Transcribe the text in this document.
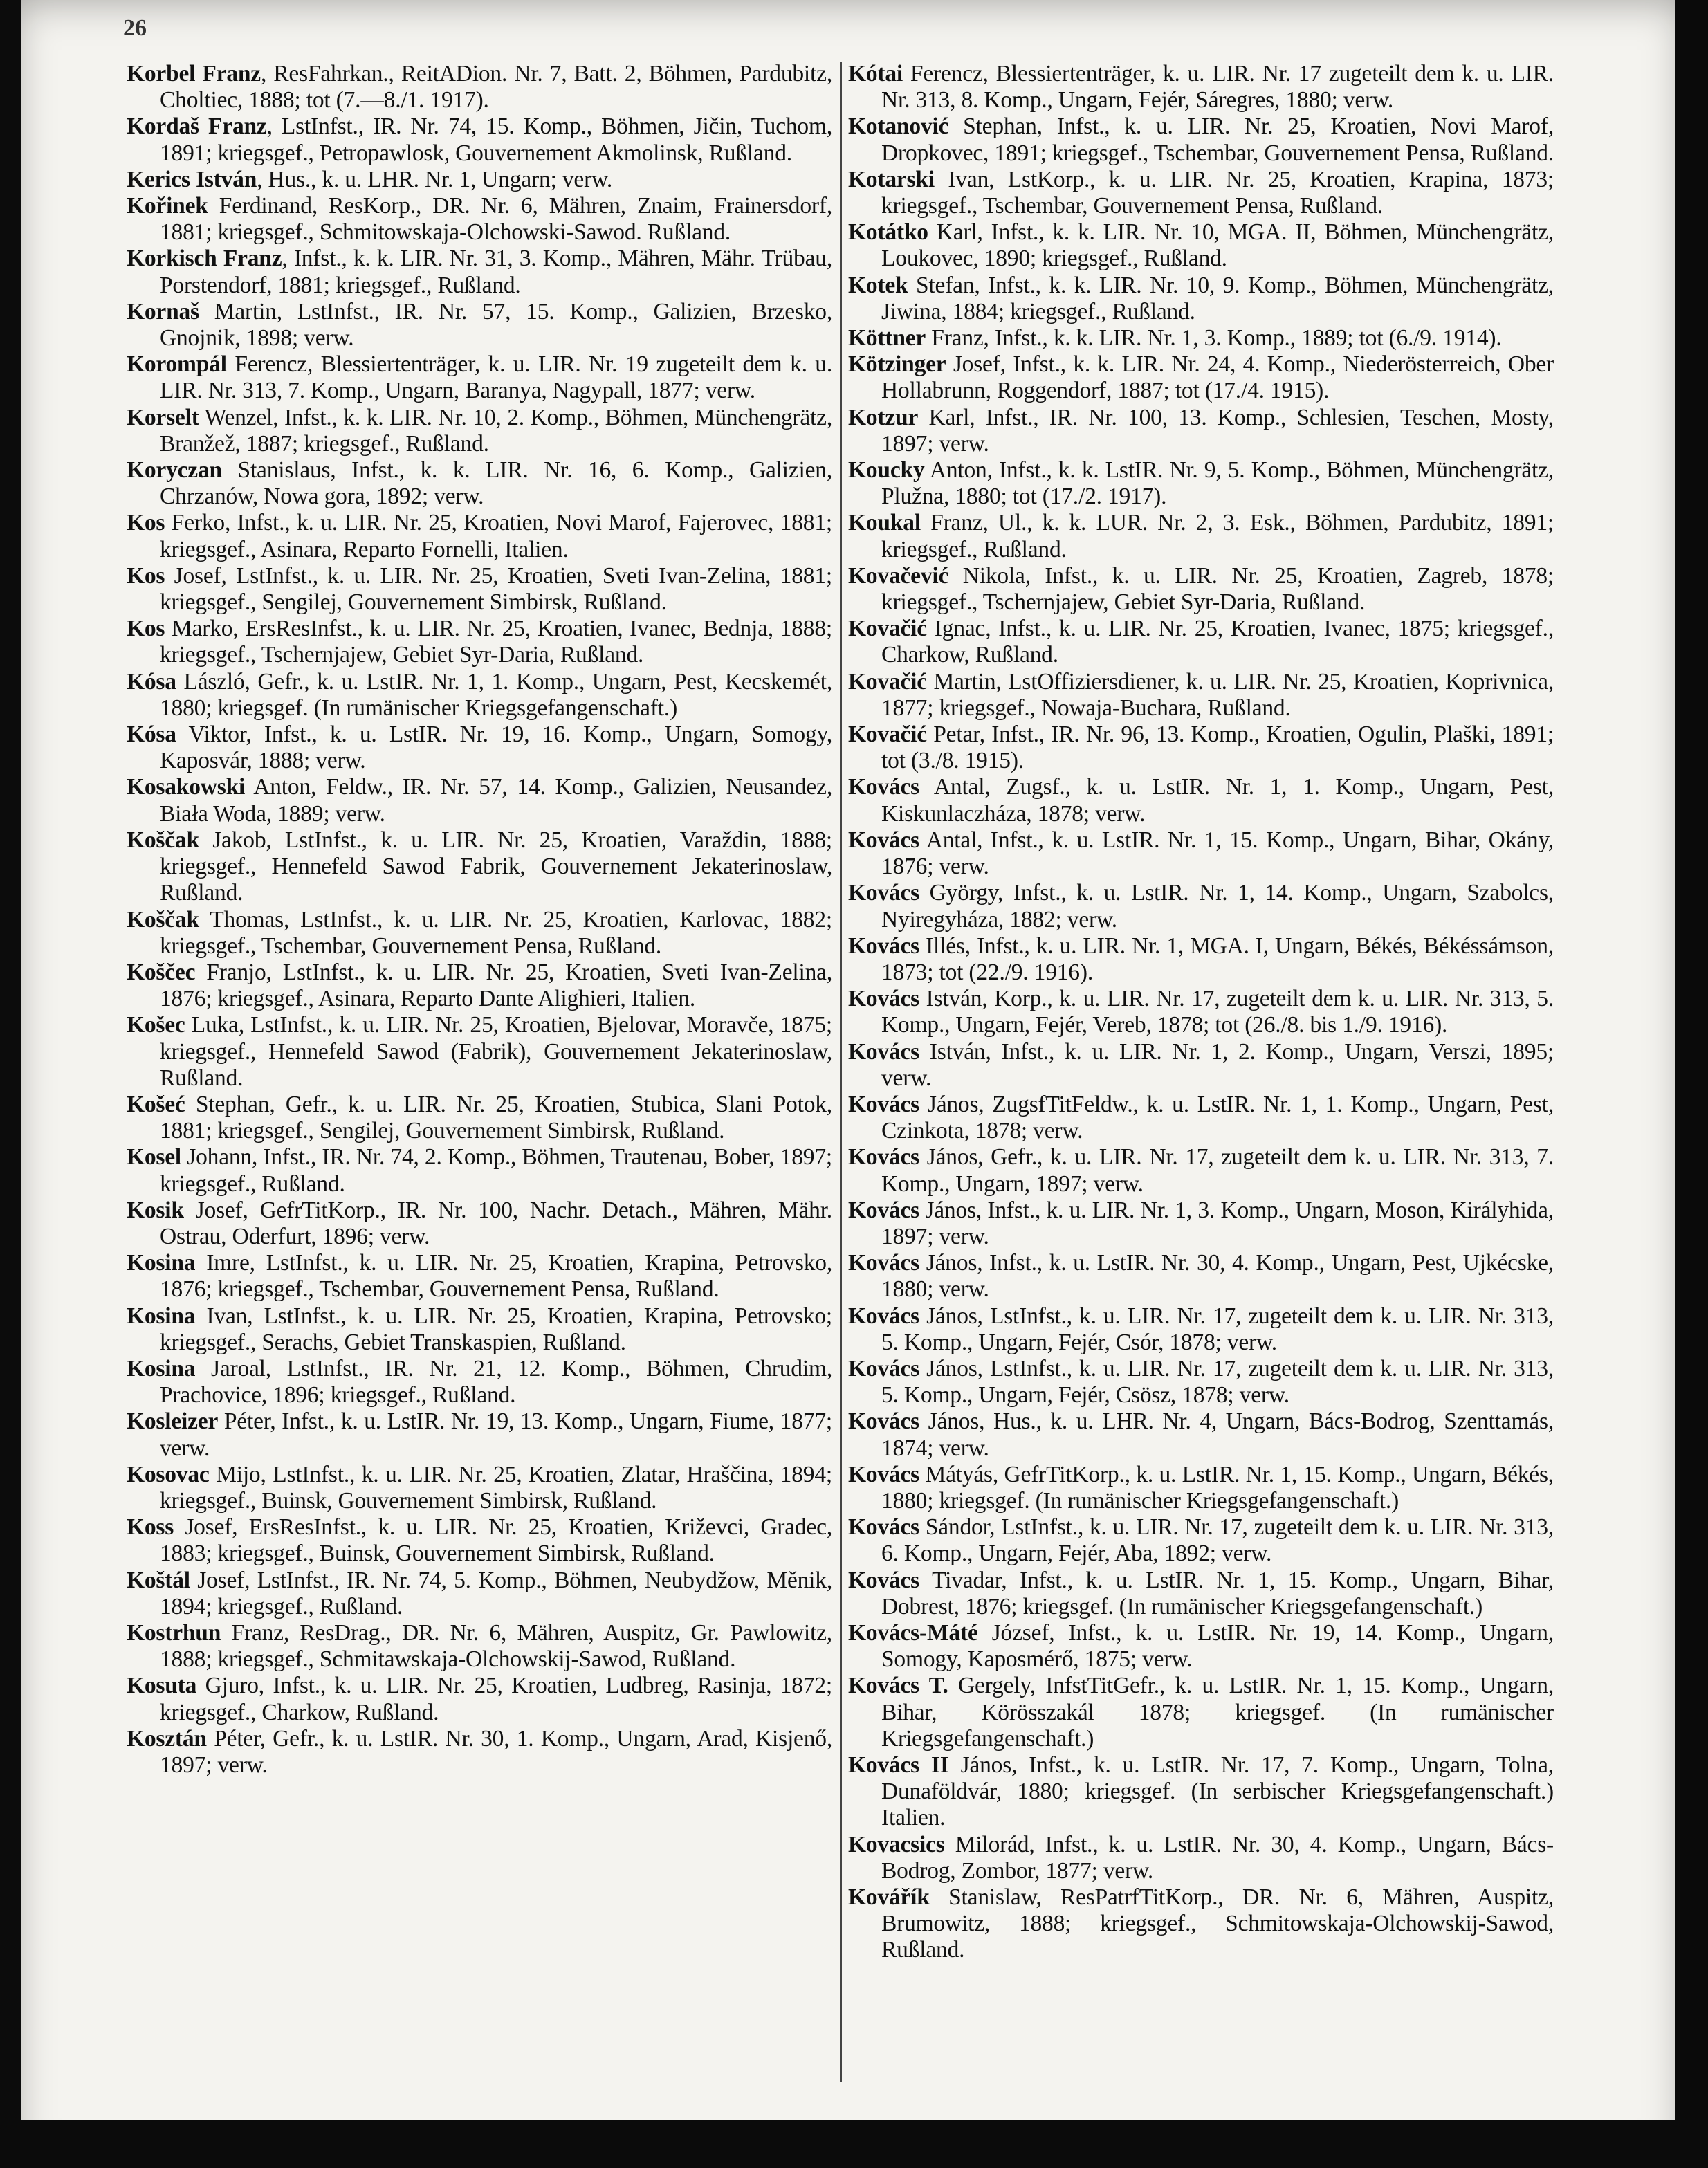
26

Korbel Franz, ResFahrkan., ReitADion. Nr. 7, Batt. 2, Böhmen, Pardubitz, Choltiec, 1888; tot (7.—8./1. 1917).

Kordaš Franz, LstInfst., IR. Nr. 74, 15. Komp., Böhmen, Jičin, Tuchom, 1891; kriegsgef., Petropawlosk, Gouvernement Akmolinsk, Rußland.

Kerics István, Hus., k. u. LHR. Nr. 1, Ungarn; verw.

Kořinek Ferdinand, ResKorp., DR. Nr. 6, Mähren, Znaim, Frainersdorf, 1881; kriegsgef., Schmitowskaja-Olchowski-Sawod. Rußland.

Korkisch Franz, Infst., k. k. LIR. Nr. 31, 3. Komp., Mähren, Mähr. Trübau, Porstendorf, 1881; kriegsgef., Rußland.

Kornaš Martin, LstInfst., IR. Nr. 57, 15. Komp., Galizien, Brzesko, Gnojnik, 1898; verw.

Korompál Ferencz, Blessiertenträger, k. u. LIR. Nr. 19 zugeteilt dem k. u. LIR. Nr. 313, 7. Komp., Ungarn, Baranya, Nagypall, 1877; verw.

Korselt Wenzel, Infst., k. k. LIR. Nr. 10, 2. Komp., Böhmen, Münchengrätz, Branžež, 1887; kriegsgef., Rußland.

Koryczan Stanislaus, Infst., k. k. LIR. Nr. 16, 6. Komp., Galizien, Chrzanów, Nowa gora, 1892; verw.

Kos Ferko, Infst., k. u. LIR. Nr. 25, Kroatien, Novi Marof, Fajerovec, 1881; kriegsgef., Asinara, Reparto Fornelli, Italien.

Kos Josef, LstInfst., k. u. LIR. Nr. 25, Kroatien, Sveti Ivan-Zelina, 1881; kriegsgef., Sengilej, Gouvernement Simbirsk, Rußland.

Kos Marko, ErsResInfst., k. u. LIR. Nr. 25, Kroatien, Ivanec, Bednja, 1888; kriegsgef., Tschernjajew, Gebiet Syr-Daria, Rußland.

Kósa László, Gefr., k. u. LstIR. Nr. 1, 1. Komp., Ungarn, Pest, Kecskemét, 1880; kriegsgef. (In rumänischer Kriegsgefangenschaft.)

Kósa Viktor, Infst., k. u. LstIR. Nr. 19, 16. Komp., Ungarn, Somogy, Kaposvár, 1888; verw.

Kosakowski Anton, Feldw., IR. Nr. 57, 14. Komp., Galizien, Neusandez, Biała Woda, 1889; verw.

Koščak Jakob, LstInfst., k. u. LIR. Nr. 25, Kroatien, Varaždin, 1888; kriegsgef., Hennefeld Sawod Fabrik, Gouvernement Jekaterinoslaw, Rußland.

Koščak Thomas, LstInfst., k. u. LIR. Nr. 25, Kroatien, Karlovac, 1882; kriegsgef., Tschembar, Gouvernement Pensa, Rußland.

Koščec Franjo, LstInfst., k. u. LIR. Nr. 25, Kroatien, Sveti Ivan-Zelina, 1876; kriegsgef., Asinara, Reparto Dante Alighieri, Italien.

Košec Luka, LstInfst., k. u. LIR. Nr. 25, Kroatien, Bjelovar, Moravče, 1875; kriegsgef., Hennefeld Sawod (Fabrik), Gouvernement Jekaterinoslaw, Rußland.

Košeć Stephan, Gefr., k. u. LIR. Nr. 25, Kroatien, Stubica, Slani Potok, 1881; kriegsgef., Sengilej, Gouvernement Simbirsk, Rußland.

Kosel Johann, Infst., IR. Nr. 74, 2. Komp., Böhmen, Trautenau, Bober, 1897; kriegsgef., Rußland.

Kosik Josef, GefrTitKorp., IR. Nr. 100, Nachr. Detach., Mähren, Mähr. Ostrau, Oderfurt, 1896; verw.

Kosina Imre, LstInfst., k. u. LIR. Nr. 25, Kroatien, Krapina, Petrovsko, 1876; kriegsgef., Tschembar, Gouvernement Pensa, Rußland.

Kosina Ivan, LstInfst., k. u. LIR. Nr. 25, Kroatien, Krapina, Petrovsko; kriegsgef., Serachs, Gebiet Transkaspien, Rußland.

Kosina Jaroal, LstInfst., IR. Nr. 21, 12. Komp., Böhmen, Chrudim, Prachovice, 1896; kriegsgef., Rußland.

Kosleizer Péter, Infst., k. u. LstIR. Nr. 19, 13. Komp., Ungarn, Fiume, 1877; verw.

Kosovac Mijo, LstInfst., k. u. LIR. Nr. 25, Kroatien, Zlatar, Hraščina, 1894; kriegsgef., Buinsk, Gouvernement Simbirsk, Rußland.

Koss Josef, ErsResInfst., k. u. LIR. Nr. 25, Kroatien, Križevci, Gradec, 1883; kriegsgef., Buinsk, Gouvernement Simbirsk, Rußland.

Koštál Josef, LstInfst., IR. Nr. 74, 5. Komp., Böhmen, Neubydžow, Měnik, 1894; kriegsgef., Rußland.

Kostrhun Franz, ResDrag., DR. Nr. 6, Mähren, Auspitz, Gr. Pawlowitz, 1888; kriegsgef., Schmitawskaja-Olchowskij-Sawod, Rußland.

Kosuta Gjuro, Infst., k. u. LIR. Nr. 25, Kroatien, Ludbreg, Rasinja, 1872; kriegsgef., Charkow, Rußland.

Kosztán Péter, Gefr., k. u. LstIR. Nr. 30, 1. Komp., Ungarn, Arad, Kisjenő, 1897; verw.

Kótai Ferencz, Blessiertenträger, k. u. LIR. Nr. 17 zugeteilt dem k. u. LIR. Nr. 313, 8. Komp., Ungarn, Fejér, Sáregres, 1880; verw.

Kotanović Stephan, Infst., k. u. LIR. Nr. 25, Kroatien, Novi Marof, Dropkovec, 1891; kriegsgef., Tschembar, Gouvernement Pensa, Rußland.

Kotarski Ivan, LstKorp., k. u. LIR. Nr. 25, Kroatien, Krapina, 1873; kriegsgef., Tschembar, Gouvernement Pensa, Rußland.

Kotátko Karl, Infst., k. k. LIR. Nr. 10, MGA. II, Böhmen, Münchengrätz, Loukovec, 1890; kriegsgef., Rußland.

Kotek Stefan, Infst., k. k. LIR. Nr. 10, 9. Komp., Böhmen, Münchengrätz, Jiwina, 1884; kriegsgef., Rußland.

Köttner Franz, Infst., k. k. LIR. Nr. 1, 3. Komp., 1889; tot (6./9. 1914).

Kötzinger Josef, Infst., k. k. LIR. Nr. 24, 4. Komp., Niederösterreich, Ober Hollabrunn, Roggendorf, 1887; tot (17./4. 1915).

Kotzur Karl, Infst., IR. Nr. 100, 13. Komp., Schlesien, Teschen, Mosty, 1897; verw.

Koucky Anton, Infst., k. k. LstIR. Nr. 9, 5. Komp., Böhmen, Münchengrätz, Plužna, 1880; tot (17./2. 1917).

Koukal Franz, Ul., k. k. LUR. Nr. 2, 3. Esk., Böhmen, Pardubitz, 1891; kriegsgef., Rußland.

Kovačević Nikola, Infst., k. u. LIR. Nr. 25, Kroatien, Zagreb, 1878; kriegsgef., Tschernjajew, Gebiet Syr-Daria, Rußland.

Kovačić Ignac, Infst., k. u. LIR. Nr. 25, Kroatien, Ivanec, 1875; kriegsgef., Charkow, Rußland.

Kovačić Martin, LstOffiziersdiener, k. u. LIR. Nr. 25, Kroatien, Koprivnica, 1877; kriegsgef., Nowaja-Buchara, Rußland.

Kovačić Petar, Infst., IR. Nr. 96, 13. Komp., Kroatien, Ogulin, Plaški, 1891; tot (3./8. 1915).

Kovács Antal, Zugsf., k. u. LstIR. Nr. 1, 1. Komp., Ungarn, Pest, Kiskunlaczháza, 1878; verw.

Kovács Antal, Infst., k. u. LstIR. Nr. 1, 15. Komp., Ungarn, Bihar, Okány, 1876; verw.

Kovács György, Infst., k. u. LstIR. Nr. 1, 14. Komp., Ungarn, Szabolcs, Nyiregyháza, 1882; verw.

Kovács Illés, Infst., k. u. LIR. Nr. 1, MGA. I, Ungarn, Békés, Békéssámson, 1873; tot (22./9. 1916).

Kovács István, Korp., k. u. LIR. Nr. 17, zugeteilt dem k. u. LIR. Nr. 313, 5. Komp., Ungarn, Fejér, Vereb, 1878; tot (26./8. bis 1./9. 1916).

Kovács István, Infst., k. u. LIR. Nr. 1, 2. Komp., Ungarn, Verszi, 1895; verw.

Kovács János, ZugsfTitFeldw., k. u. LstIR. Nr. 1, 1. Komp., Ungarn, Pest, Czinkota, 1878; verw.

Kovács János, Gefr., k. u. LIR. Nr. 17, zugeteilt dem k. u. LIR. Nr. 313, 7. Komp., Ungarn, 1897; verw.

Kovács János, Infst., k. u. LIR. Nr. 1, 3. Komp., Ungarn, Moson, Királyhida, 1897; verw.

Kovács János, Infst., k. u. LstIR. Nr. 30, 4. Komp., Ungarn, Pest, Ujkécske, 1880; verw.

Kovács János, LstInfst., k. u. LIR. Nr. 17, zugeteilt dem k. u. LIR. Nr. 313, 5. Komp., Ungarn, Fejér, Csór, 1878; verw.

Kovács János, LstInfst., k. u. LIR. Nr. 17, zugeteilt dem k. u. LIR. Nr. 313, 5. Komp., Ungarn, Fejér, Csösz, 1878; verw.

Kovács János, Hus., k. u. LHR. Nr. 4, Ungarn, Bács-Bodrog, Szenttamás, 1874; verw.

Kovács Mátyás, GefrTitKorp., k. u. LstIR. Nr. 1, 15. Komp., Ungarn, Békés, 1880; kriegsgef. (In rumänischer Kriegsgefangenschaft.)

Kovács Sándor, LstInfst., k. u. LIR. Nr. 17, zugeteilt dem k. u. LIR. Nr. 313, 6. Komp., Ungarn, Fejér, Aba, 1892; verw.

Kovács Tivadar, Infst., k. u. LstIR. Nr. 1, 15. Komp., Ungarn, Bihar, Dobrest, 1876; kriegsgef. (In rumänischer Kriegsgefangenschaft.)

Kovács-Máté József, Infst., k. u. LstIR. Nr. 19, 14. Komp., Ungarn, Somogy, Kaposmérő, 1875; verw.

Kovács T. Gergely, InfstTitGefr., k. u. LstIR. Nr. 1, 15. Komp., Ungarn, Bihar, Körösszakál 1878; kriegsgef. (In rumänischer Kriegsgefangenschaft.)

Kovács II János, Infst., k. u. LstIR. Nr. 17, 7. Komp., Ungarn, Tolna, Dunaföldvár, 1880; kriegsgef. (In serbischer Kriegsgefangenschaft.) Italien.

Kovacsics Milorád, Infst., k. u. LstIR. Nr. 30, 4. Komp., Ungarn, Bács-Bodrog, Zombor, 1877; verw.

Kovářík Stanislaw, ResPatrfTitKorp., DR. Nr. 6, Mähren, Auspitz, Brumowitz, 1888; kriegsgef., Schmitowskaja-Olchowskij-Sawod, Rußland.
